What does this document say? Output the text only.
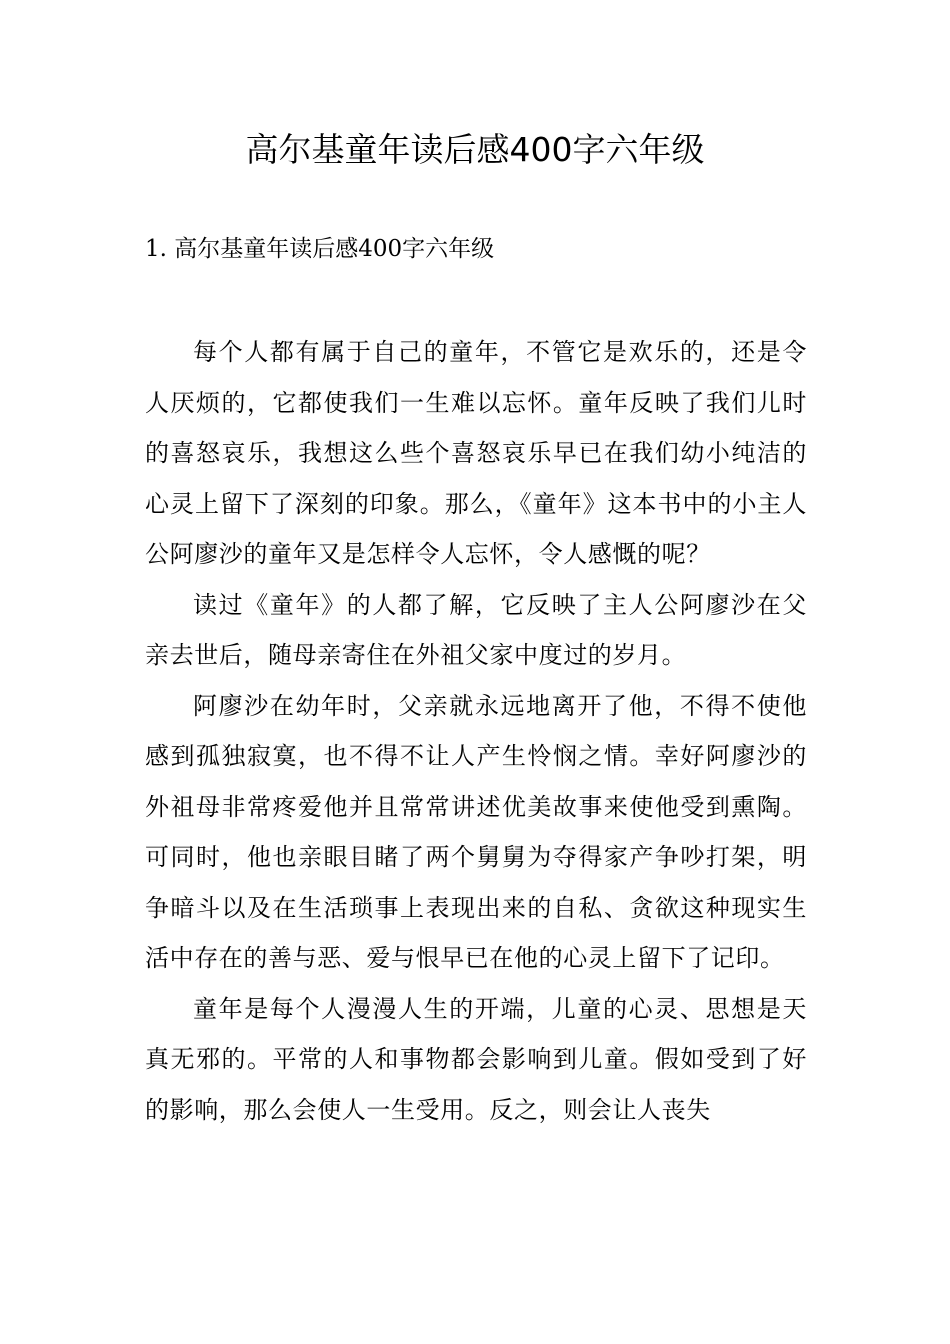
高尔基童年读后感400字六年级
1. 高尔基童年读后感400字六年级

每个人都有属于自己的童年，不管它是欢乐的，还是令人厌烦的，它都使我们一生难以忘怀。童年反映了我们儿时的喜怒哀乐，我想这么些个喜怒哀乐早已在我们幼小纯洁的心灵上留下了深刻的印象。那么，《童年》这本书中的小主人公阿廖沙的童年又是怎样令人忘怀，令人感慨的呢？

读过《童年》的人都了解，它反映了主人公阿廖沙在父亲去世后，随母亲寄住在外祖父家中度过的岁月。

阿廖沙在幼年时，父亲就永远地离开了他，不得不使他感到孤独寂寞，也不得不让人产生怜悯之情。幸好阿廖沙的外祖母非常疼爱他并且常常讲述优美故事来使他受到熏陶。可同时，他也亲眼目睹了两个舅舅为夺得家产争吵打架，明争暗斗以及在生活琐事上表现出来的自私、贪欲这种现实生活中存在的善与恶、爱与恨早已在他的心灵上留下了记印。

童年是每个人漫漫人生的开端，儿童的心灵、思想是天真无邪的。平常的人和事物都会影响到儿童。假如受到了好的影响，那么会使人一生受用。反之，则会让人丧失
